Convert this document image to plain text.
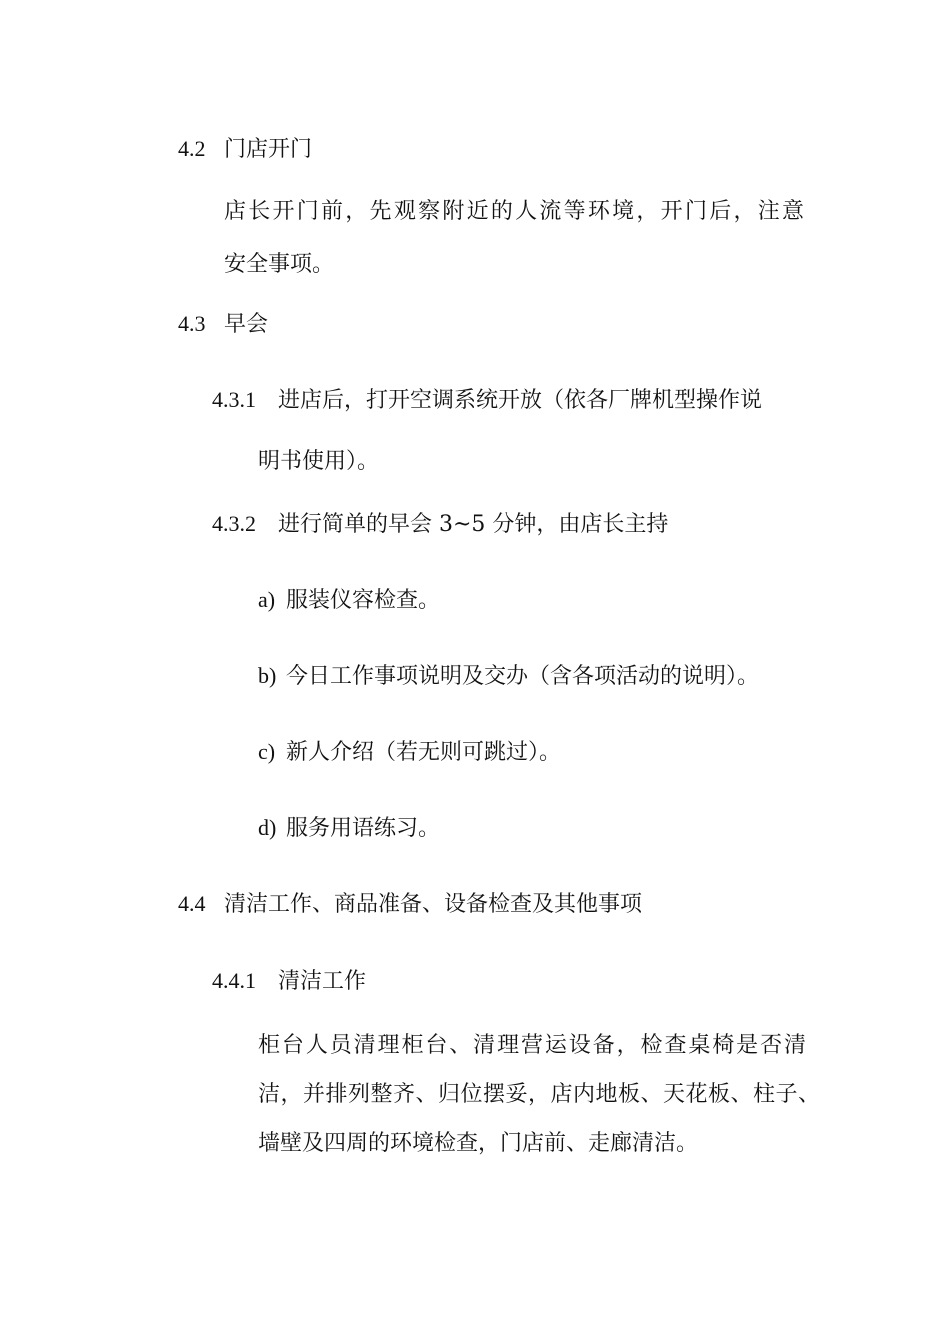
4.2 门店开门
店长开门前，先观察附近的人流等环境，开门后，注意
安全事项。
4.3 早会
4.3.1 进店后，打开空调系统开放（依各厂牌机型操作说
明书使用）。
4.3.2 进行简单的早会 3~5 分钟，由店长主持
a) 服装仪容检查。
b) 今日工作事项说明及交办（含各项活动的说明）。
c) 新人介绍（若无则可跳过）。
d) 服务用语练习。
4.4 清洁工作、商品准备、设备检查及其他事项
4.4.1 清洁工作
柜台人员清理柜台、清理营运设备，检查桌椅是否清
洁，并排列整齐、归位摆妥，店内地板、天花板、柱子、
墙壁及四周的环境检查，门店前、走廊清洁。
